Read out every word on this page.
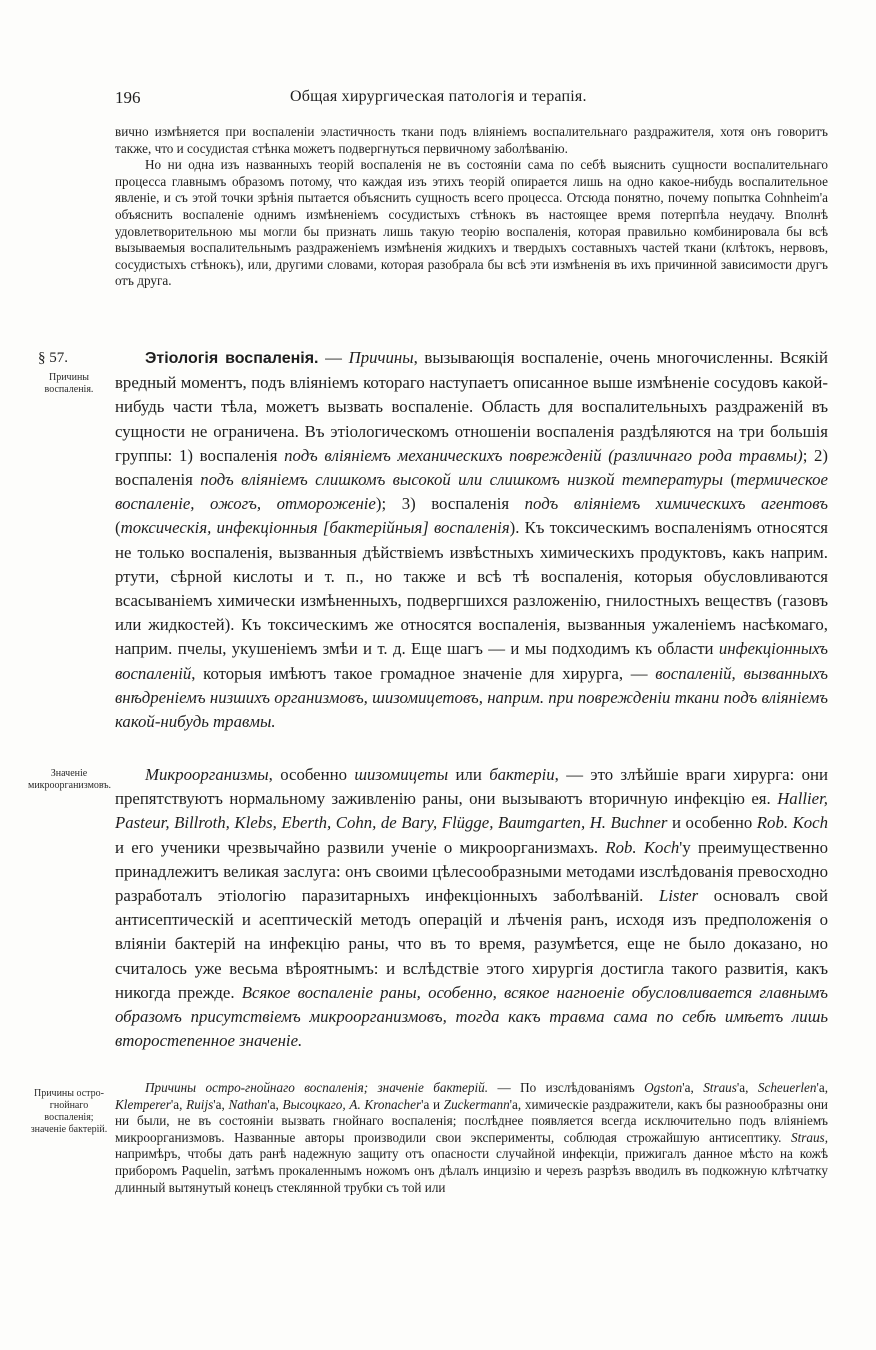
196	Общая хирургическая патологія и терапія.

вично измѣняется при воспаленіи эластичность ткани подъ вліяніемъ воспалительнаго раздражителя, хотя онъ говоритъ также, что и сосудистая стѣнка можетъ подвергнуться первичному заболѣванію.

Но ни одна изъ названныхъ теорій воспаленія не въ состояніи сама по себѣ выяснить сущности воспалительнаго процесса главнымъ образомъ потому, что каждая изъ этихъ теорій опирается лишь на одно какое-нибудь воспалительное явленіе, и съ этой точки зрѣнія пытается объяснить сущность всего процесса. Отсюда понятно, почему попытка Cohnheim'a объяснить воспаленіе однимъ измѣненіемъ сосудистыхъ стѣнокъ въ настоящее время потерпѣла неудачу. Вполнѣ удовлетворительною мы могли бы признать лишь такую теорію воспаленія, которая правильно комбинировала бы всѣ вызываемыя воспалительнымъ раздраженіемъ измѣненія жидкихъ и твердыхъ составныхъ частей ткани (клѣтокъ, нервовъ, сосудистыхъ стѣнокъ), или, другими словами, которая разобрала бы всѣ эти измѣненія въ ихъ причинной зависимости другъ отъ друга.

§ 57.
Причины воспаленія.

Этіологія воспаленія. — Причины, вызывающія воспаленіе, очень многочисленны. Всякій вредный моментъ, подъ вліяніемъ котораго наступаетъ описанное выше измѣненіе сосудовъ какой-нибудь части тѣла, можетъ вызвать воспаленіе. Область для воспалительныхъ раздраженій въ сущности не ограничена. Въ этіологическомъ отношеніи воспаленія раздѣляются на три большія группы: 1) воспаленія подъ вліяніемъ механическихъ повреждeній (различнаго рода травмы); 2) воспаленія подъ вліяніемъ слишкомъ высокой или слишкомъ низкой температуры (термическое воспаленіе, ожогъ, отмороженіе); 3) воспаленія подъ вліяніемъ химическихъ агентовъ (токсическія, инфекціонныя [бактерійныя] воспаленія). Къ токсическимъ воспаленіямъ относятся не только воспаленія, вызванныя дѣйствіемъ извѣстныхъ химическихъ продуктовъ, какъ наприм. ртути, сѣрной кислоты и т. п., но также и всѣ тѣ воспаленія, которыя обусловливаются всасываніемъ химически измѣненныхъ, подвергшихся разложенію, гнилостныхъ веществъ (газовъ или жидкостей). Къ токсическимъ же относятся воспаленія, вызванныя ужаленіемъ насѣкомаго, наприм. пчелы, укушеніемъ змѣи и т. д. Еще шагъ — и мы подходимъ къ области инфекціонныхъ воспаленій, которыя имѣютъ такое громадное значеніе для хирурга, — воспаленій, вызванныхъ внѣдреніемъ низшихъ организмовъ, шизомицетовъ, наприм. при поврежденіи ткани подъ вліяніемъ какой-нибудь травмы.

Значеніе микроорганизмовъ.

Микроорганизмы, особенно шизомицеты или бактеріи, — это злѣйшіе враги хирурга: они препятствуютъ нормальному заживленію раны, они вызываютъ вторичную инфекцію ея. Hallier, Pasteur, Billroth, Klebs, Eberth, Cohn, de Bary, Flügge, Baumgarten, H. Buchner и особенно Rob. Koch и его ученики чрезвычайно развили ученіе о микроорганизмахъ. Rob. Koch'у преимущественно принадлежитъ великая заслуга: онъ своими цѣлесообразными методами изслѣдованія превосходно разработалъ этіологію паразитарныхъ инфекціонныхъ заболѣваній. Lister основалъ свой антисептическій и асептическій методъ операцій и лѣченія ранъ, исходя изъ предположенія о вліяніи бактерій на инфекцію раны, что въ то время, разумѣется, еще не было доказано, но считалось уже весьма вѣроятнымъ: и вслѣдствіе этого хирургія достигла такого развитія, какъ никогда прежде. Всякое воспаленіе раны, особенно, всякое нагноеніе обусловливается главнымъ образомъ присутствіемъ микроорганизмовъ, тогда какъ травма сама по себѣ имѣетъ лишь второстепенное значеніе.

Причины остро-гнойнаго воспаленія; значеніе бактерій.

Причины остро-гнойнаго воспаленія; значеніе бактерій. — По изслѣдованіямъ Ogston'a, Straus'a, Scheuerlen'a, Klemperer'a, Ruijs'a, Nathan'a, Высоцкаго, A. Kronacher'a и Zuckermann'a, химическіе раздражители, какъ бы разнообразны они ни были, не въ состояніи вызвать гнойнаго воспаленія; послѣднее появляется всегда исключительно подъ вліяніемъ микроорганизмовъ. Названные авторы производили свои эксперименты, соблюдая строжайшую антисептику. Straus, напримѣръ, чтобы дать ранѣ надежную защиту отъ опасности случайной инфекціи, прижигалъ данное мѣсто на кожѣ приборомъ Paquelin, затѣмъ прокаленнымъ ножомъ онъ дѣлалъ инцизію и черезъ разрѣзъ вводилъ въ подкожную клѣтчатку длинный вытянутый конецъ стеклянной трубки съ той или
